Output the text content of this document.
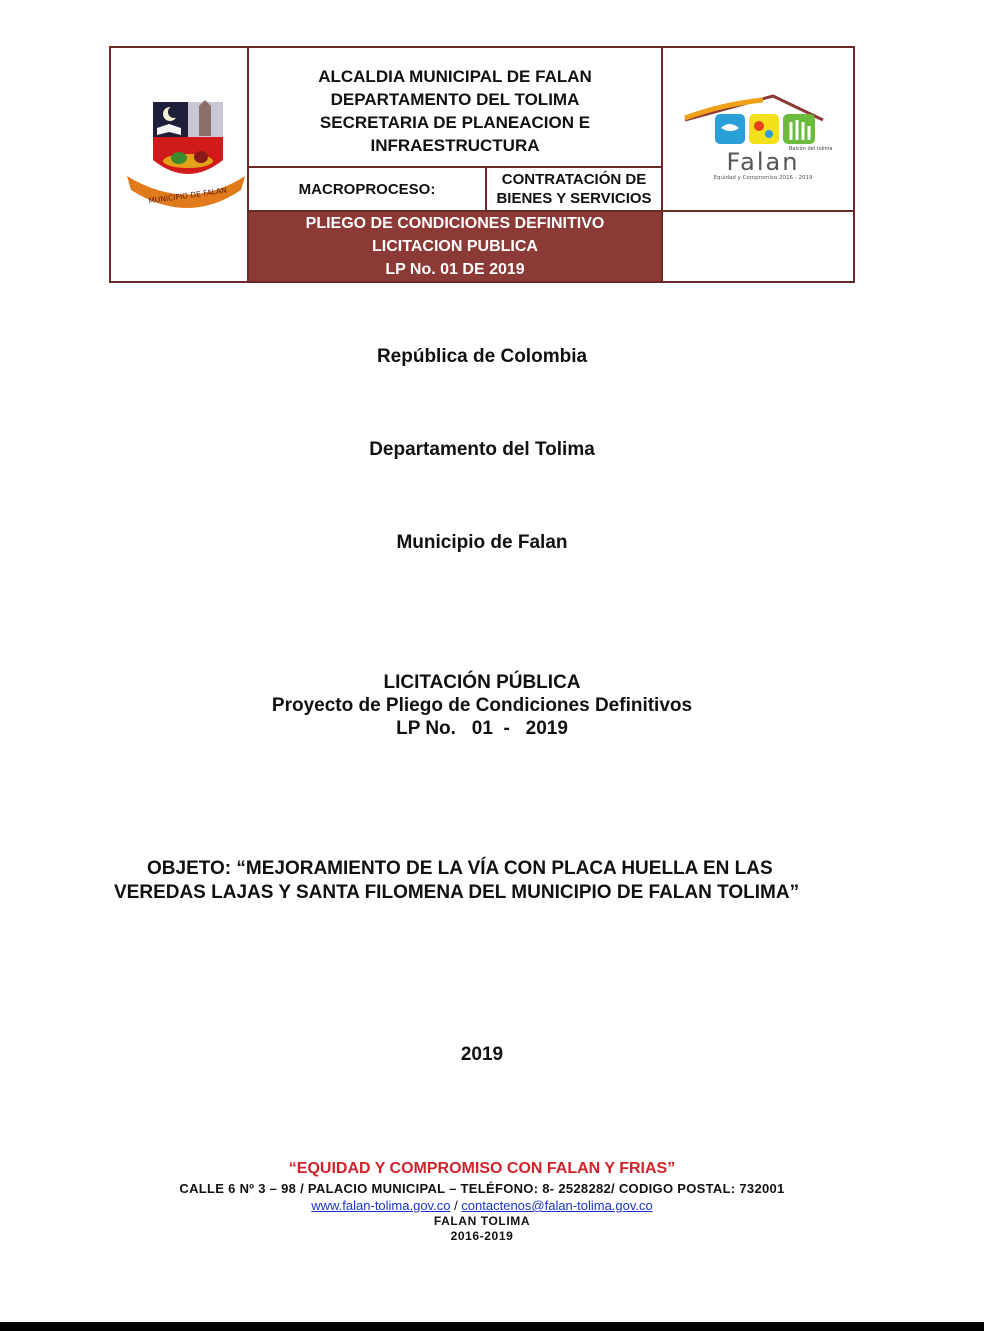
MUNICIPIO DE FALAN
ALCALDIA MUNICIPAL DE FALAN
DEPARTAMENTO DEL TOLIMA
SECRETARIA DE PLANEACION E
INFRAESTRUCTURA
MACROPROCESO:
CONTRATACIÓN DE
BIENES Y SERVICIOS
PLIEGO DE CONDICIONES DEFINITIVO
LICITACION PUBLICA
LP No. 01 DE 2019
Balcón del tolima
Falan
Equidad y Compromiso 2016 - 2019
República de Colombia
Departamento del Tolima
Municipio de Falan
LICITACIÓN PÚBLICA
Proyecto de Pliego de Condiciones Definitivos
LP No.   01  -   2019
OBJETO: “MEJORAMIENTO DE LA VÍA CON PLACA HUELLA EN LAS
VEREDAS LAJAS Y SANTA FILOMENA DEL MUNICIPIO DE FALAN TOLIMA”
2019
“EQUIDAD Y COMPROMISO CON FALAN Y FRIAS”
CALLE 6 Nº 3 – 98 / PALACIO MUNICIPAL – TELÉFONO: 8- 2528282/ CODIGO POSTAL: 732001
www.falan-tolima.gov.co / contactenos@falan-tolima.gov.co
FALAN TOLIMA
2016-2019
